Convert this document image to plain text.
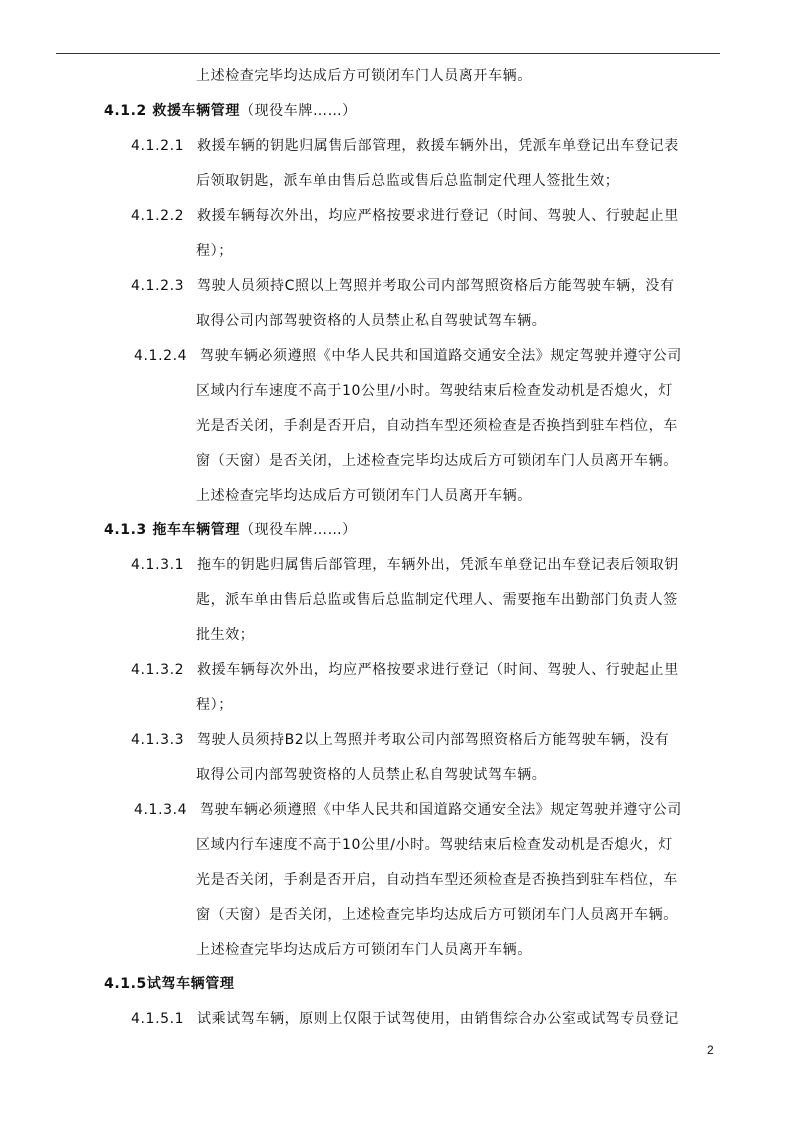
上述检查完毕均达成后方可锁闭车门人员离开车辆。
4.1.2 救援车辆管理（现役车牌……）
4.1.2.1 救援车辆的钥匙归属售后部管理，救援车辆外出，凭派车单登记出车登记表
后领取钥匙，派车单由售后总监或售后总监制定代理人签批生效；
4.1.2.2 救援车辆每次外出，均应严格按要求进行登记（时间、驾驶人、行驶起止里
程）；
4.1.2.3 驾驶人员须持C照以上驾照并考取公司内部驾照资格后方能驾驶车辆，没有
取得公司内部驾驶资格的人员禁止私自驾驶试驾车辆。
4.1.2.4 驾驶车辆必须遵照《中华人民共和国道路交通安全法》规定驾驶并遵守公司
区域内行车速度不高于10公里/小时。驾驶结束后检查发动机是否熄火，灯
光是否关闭，手刹是否开启，自动挡车型还须检查是否换挡到驻车档位，车
窗（天窗）是否关闭，上述检查完毕均达成后方可锁闭车门人员离开车辆。
上述检查完毕均达成后方可锁闭车门人员离开车辆。
4.1.3 拖车车辆管理（现役车牌……）
4.1.3.1 拖车的钥匙归属售后部管理，车辆外出，凭派车单登记出车登记表后领取钥
匙，派车单由售后总监或售后总监制定代理人、需要拖车出勤部门负责人签
批生效；
4.1.3.2 救援车辆每次外出，均应严格按要求进行登记（时间、驾驶人、行驶起止里
程）；
4.1.3.3 驾驶人员须持B2以上驾照并考取公司内部驾照资格后方能驾驶车辆，没有
取得公司内部驾驶资格的人员禁止私自驾驶试驾车辆。
4.1.3.4 驾驶车辆必须遵照《中华人民共和国道路交通安全法》规定驾驶并遵守公司
区域内行车速度不高于10公里/小时。驾驶结束后检查发动机是否熄火，灯
光是否关闭，手刹是否开启，自动挡车型还须检查是否换挡到驻车档位，车
窗（天窗）是否关闭，上述检查完毕均达成后方可锁闭车门人员离开车辆。
上述检查完毕均达成后方可锁闭车门人员离开车辆。
4.1.5试驾车辆管理
4.1.5.1 试乘试驾车辆，原则上仅限于试驾使用，由销售综合办公室或试驾专员登记
2
